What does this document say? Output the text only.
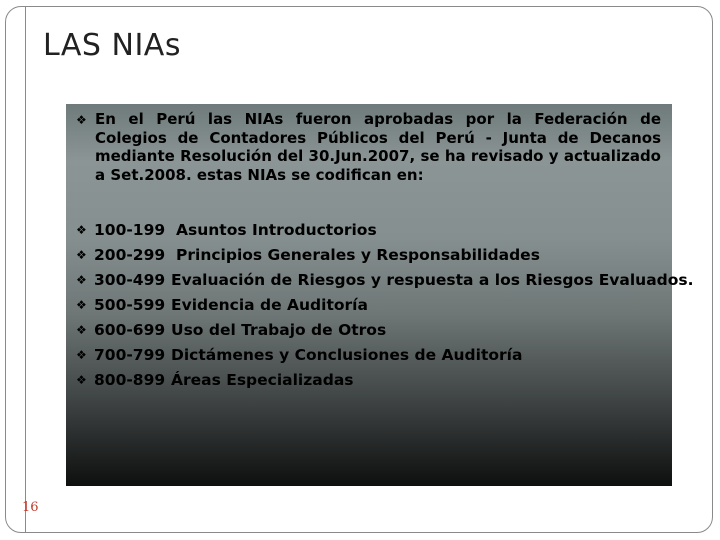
LAS NIAs
❖ En el Perú las NIAs fueron aprobadas por la Federación de Colegios de Contadores Públicos del Perú - Junta de Decanos mediante Resolución del 30.Jun.2007, se ha revisado y actualizado a Set.2008. estas NIAs se codifican en:
❖ 100-199 Asuntos Introductorios
❖ 200-299 Principios Generales y Responsabilidades
❖ 300-499 Evaluación de Riesgos y respuesta a los Riesgos Evaluados.
❖ 500-599 Evidencia de Auditoría
❖ 600-699 Uso del Trabajo de Otros
❖ 700-799 Dictámenes y Conclusiones de Auditoría
❖ 800-899 Áreas Especializadas
16
